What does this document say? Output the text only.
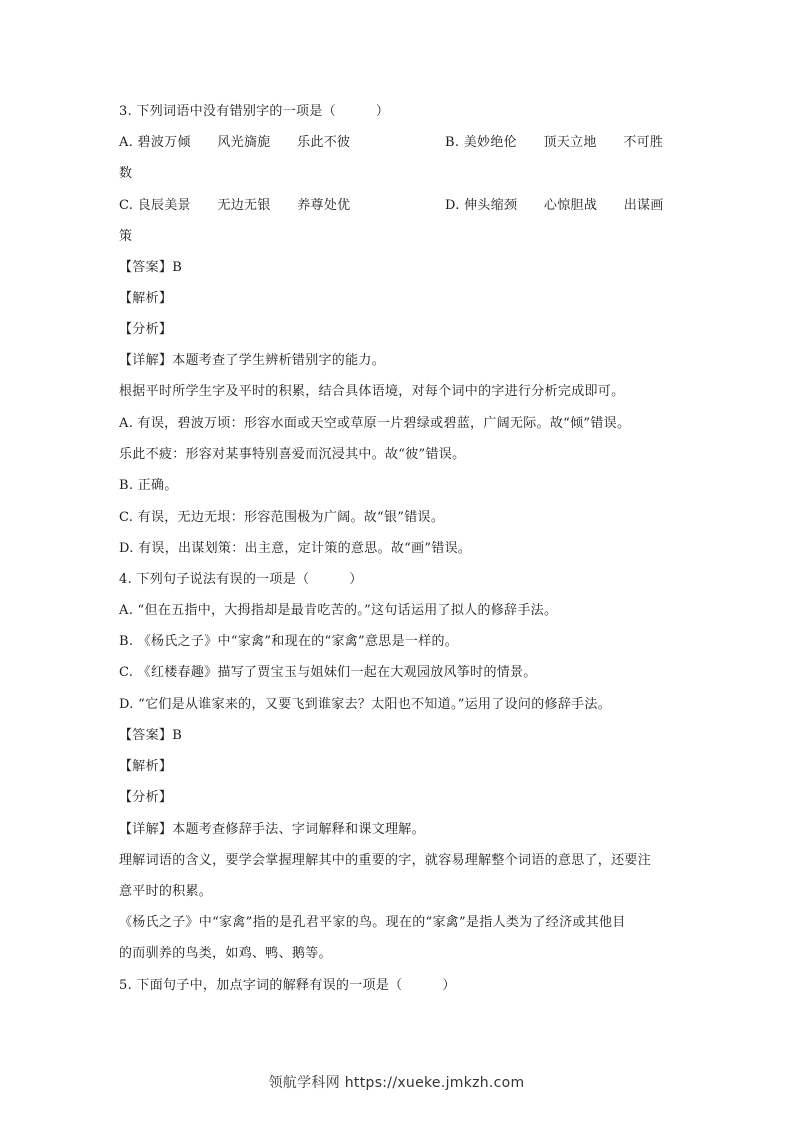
3. 下列词语中没有错别字的一项是（　　　）
A. 碧波万倾　　风光旖旎　　乐此不彼	B. 美妙绝伦　　顶天立地　　不可胜
数
C. 良辰美景　　无边无银　　养尊处优	D. 伸头缩颈　　心惊胆战　　出谋画
策
【答案】B
【解析】
【分析】
【详解】本题考查了学生辨析错别字的能力。
根据平时所学生字及平时的积累，结合具体语境，对每个词中的字进行分析完成即可。
A. 有误，碧波万顷：形容水面或天空或草原一片碧绿或碧蓝，广阔无际。故“倾”错误。
乐此不疲：形容对某事特别喜爱而沉浸其中。故“彼”错误。
B. 正确。
C. 有误，无边无垠：形容范围极为广阔。故“银”错误。
D. 有误，出谋划策：出主意，定计策的意思。故“画”错误。
4. 下列句子说法有误的一项是（　　　）
A. “但在五指中，大拇指却是最肯吃苦的。”这句话运用了拟人的修辞手法。
B. 《杨氏之子》中“家禽”和现在的“家禽”意思是一样的。
C. 《红楼春趣》描写了贾宝玉与姐妹们一起在大观园放风筝时的情景。
D. “它们是从谁家来的，又要飞到谁家去？太阳也不知道。”运用了设问的修辞手法。
【答案】B
【解析】
【分析】
【详解】本题考查修辞手法、字词解释和课文理解。
理解词语的含义，要学会掌握理解其中的重要的字，就容易理解整个词语的意思了，还要注
意平时的积累。
《杨氏之子》中“家禽”指的是孔君平家的鸟。现在的“家禽”是指人类为了经济或其他目
的而驯养的鸟类，如鸡、鸭、鹅等。
5. 下面句子中，加点字词的解释有误的一项是（　　　）
领航学科网 https://xueke.jmkzh.com
